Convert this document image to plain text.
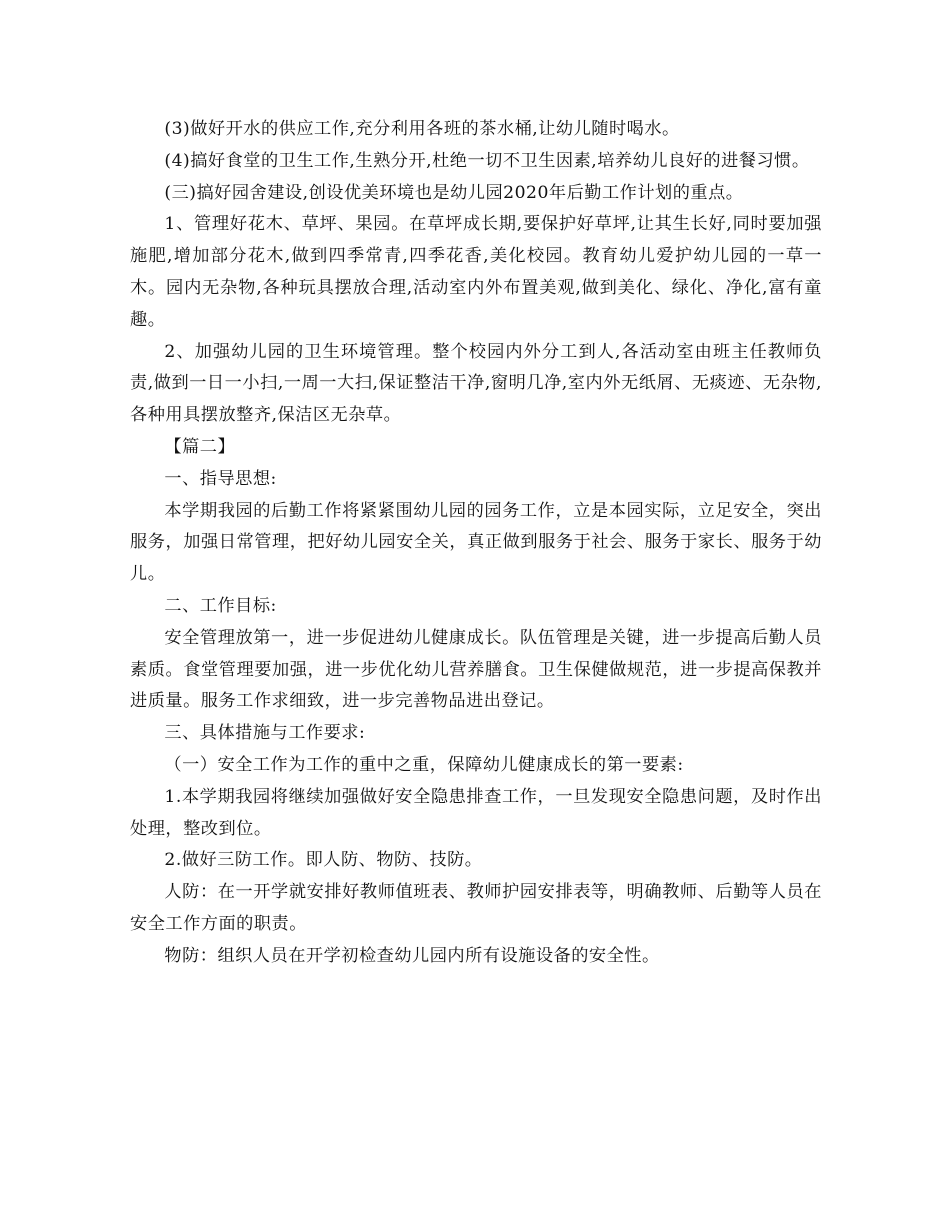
(3)做好开水的供应工作,充分利用各班的茶水桶,让幼儿随时喝水。

(4)搞好食堂的卫生工作,生熟分开,杜绝一切不卫生因素,培养幼儿良好的进餐习惯。

(三)搞好园舍建设,创设优美环境也是幼儿园2020年后勤工作计划的重点。

1、管理好花木、草坪、果园。在草坪成长期,要保护好草坪,让其生长好,同时要加强施肥,增加部分花木,做到四季常青,四季花香,美化校园。教育幼儿爱护幼儿园的一草一木。园内无杂物,各种玩具摆放合理,活动室内外布置美观,做到美化、绿化、净化,富有童趣。

2、加强幼儿园的卫生环境管理。整个校园内外分工到人,各活动室由班主任教师负责,做到一日一小扫,一周一大扫,保证整洁干净,窗明几净,室内外无纸屑、无痰迹、无杂物,各种用具摆放整齐,保洁区无杂草。

【篇二】

一、指导思想:

本学期我园的后勤工作将紧紧围幼儿园的园务工作，立是本园实际，立足安全，突出服务，加强日常管理，把好幼儿园安全关，真正做到服务于社会、服务于家长、服务于幼儿。

二、工作目标:

安全管理放第一，进一步促进幼儿健康成长。队伍管理是关键，进一步提高后勤人员素质。食堂管理要加强，进一步优化幼儿营养膳食。卫生保健做规范，进一步提高保教并进质量。服务工作求细致，进一步完善物品进出登记。

三、具体措施与工作要求:

（一）安全工作为工作的重中之重，保障幼儿健康成长的第一要素:

1.本学期我园将继续加强做好安全隐患排查工作，一旦发现安全隐患问题，及时作出处理，整改到位。

2.做好三防工作。即人防、物防、技防。

人防：在一开学就安排好教师值班表、教师护园安排表等，明确教师、后勤等人员在安全工作方面的职责。

物防：组织人员在开学初检查幼儿园内所有设施设备的安全性。
